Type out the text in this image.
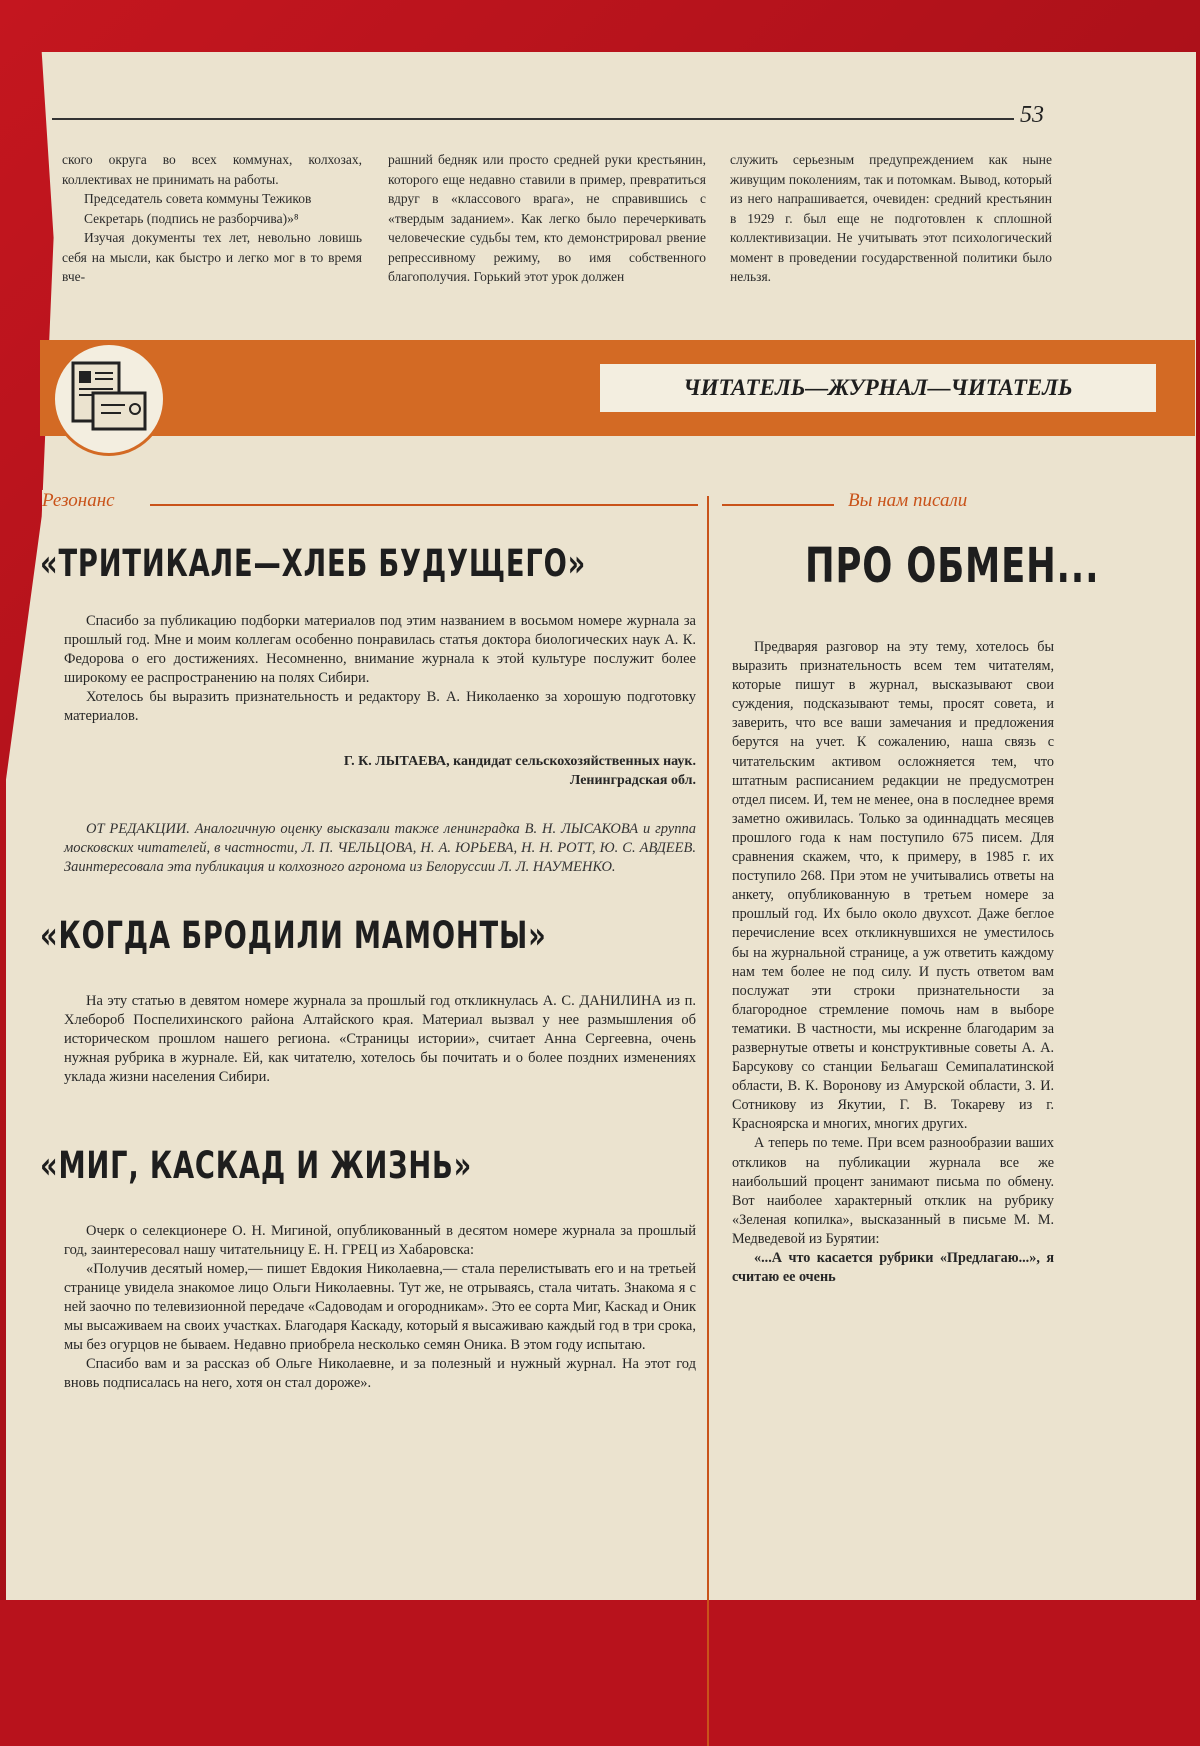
53

ского округа во всех коммунах, колхозах, коллективах не принимать на работы.

Председатель совета коммуны Тежиков

Секретарь (подпись не разборчива)»⁸

Изучая документы тех лет, невольно ловишь себя на мысли, как быстро и легко мог в то время вче-

рашний бедняк или просто средней руки крестьянин, которого еще недавно ставили в пример, превратиться вдруг в «классового врага», не справившись с «твердым заданием». Как легко было перечеркивать человеческие судьбы тем, кто демонстрировал рвение репрессивному режиму, во имя собственного благополучия. Горький этот урок должен

служить серьезным предупреждением как ныне живущим поколениям, так и потомкам. Вывод, который из него напрашивается, очевиден: средний крестьянин в 1929 г. был еще не подготовлен к сплошной коллективизации. Не учитывать этот психологический момент в проведении государственной политики было нельзя.

ЧИТАТЕЛЬ—ЖУРНАЛ—ЧИТАТЕЛЬ
Резонанс
«ТРИТИКАЛЕ—ХЛЕБ БУДУЩЕГО»

Спасибо за публикацию подборки материалов под этим названием в восьмом номере журнала за прошлый год. Мне и моим коллегам особенно понравилась статья доктора биологических наук А. К. Федорова о его достижениях. Несомненно, внимание журнала к этой культуре послужит более широкому ее распространению на полях Сибири.

Хотелось бы выразить признательность и редактору В. А. Николаенко за хорошую подготовку материалов.

Г. К. ЛЫТАЕВА, кандидат сельскохозяйственных наук.
Ленинградская обл.

ОТ РЕДАКЦИИ. Аналогичную оценку высказали также ленинградка В. Н. ЛЫСАКОВА и группа московских читателей, в частности, Л. П. ЧЕЛЬЦОВА, Н. А. ЮРЬЕВА, Н. Н. РОТТ, Ю. С. АВДЕЕВ. Заинтересовала эта публикация и колхозного агронома из Белоруссии Л. Л. НАУМЕНКО.

«КОГДА БРОДИЛИ МАМОНТЫ»

На эту статью в девятом номере журнала за прошлый год откликнулась А. С. ДАНИЛИНА из п. Хлебороб Поспелихинского района Алтайского края. Материал вызвал у нее размышления об историческом прошлом нашего региона. «Страницы истории», считает Анна Сергеевна, очень нужная рубрика в журнале. Ей, как читателю, хотелось бы почитать и о более поздних изменениях уклада жизни населения Сибири.

«МИГ, КАСКАД И ЖИЗНЬ»

Очерк о селекционере О. Н. Мигиной, опубликованный в десятом номере журнала за прошлый год, заинтересовал нашу читательницу Е. Н. ГРЕЦ из Хабаровска:

«Получив десятый номер,— пишет Евдокия Николаевна,— стала перелистывать его и на третьей странице увидела знакомое лицо Ольги Николаевны. Тут же, не отрываясь, стала читать. Знакома я с ней заочно по телевизионной передаче «Садоводам и огородникам». Это ее сорта Миг, Каскад и Оник мы высаживаем на своих участках. Благодаря Каскаду, который я высаживаю каждый год в три срока, мы без огурцов не бываем. Недавно приобрела несколько семян Оника. В этом году испытаю.

Спасибо вам и за рассказ об Ольге Николаевне, и за полезный и нужный журнал. На этот год вновь подписалась на него, хотя он стал дороже».

Вы нам писали
ПРО ОБМЕН...

Предваряя разговор на эту тему, хотелось бы выразить признательность всем тем читателям, которые пишут в журнал, высказывают свои суждения, подсказывают темы, просят совета, и заверить, что все ваши замечания и предложения берутся на учет. К сожалению, наша связь с читательским активом осложняется тем, что штатным расписанием редакции не предусмотрен отдел писем. И, тем не менее, она в последнее время заметно оживилась. Только за одиннадцать месяцев прошлого года к нам поступило 675 писем. Для сравнения скажем, что, к примеру, в 1985 г. их поступило 268. При этом не учитывались ответы на анкету, опубликованную в третьем номере за прошлый год. Их было около двухсот. Даже беглое перечисление всех откликнувшихся не уместилось бы на журнальной странице, а уж ответить каждому нам тем более не под силу. И пусть ответом вам послужат эти строки признательности за благородное стремление помочь нам в выборе тематики. В частности, мы искренне благодарим за развернутые ответы и конструктивные советы А. А. Барсукову со станции Бельагаш Семипалатинской области, В. К. Воронову из Амурской области, З. И. Сотникову из Якутии, Г. В. Токареву из г. Красноярска и многих, многих других.

А теперь по теме. При всем разнообразии ваших откликов на публикации журнала все же наибольший процент занимают письма по обмену. Вот наиболее характерный отклик на рубрику «Зеленая копилка», высказанный в письме М. М. Медведевой из Бурятии:

«...А что касается рубрики «Предлагаю...», я считаю ее очень
